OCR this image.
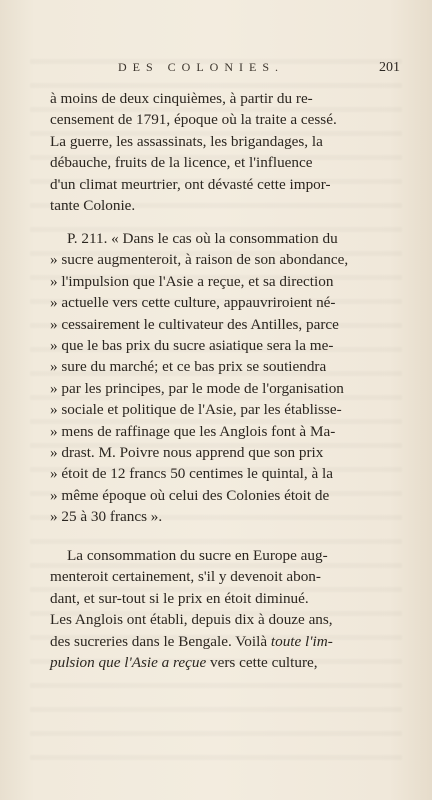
DES COLONIES.	201
à moins de deux cinquièmes, à partir du re-
censement de 1791, époque où la traite a cessé.
La guerre, les assassinats, les brigandages, la
débauche, fruits de la licence, et l'influence
d'un climat meurtrier, ont dévasté cette impor-
tante Colonie.
P. 211. « Dans le cas où la consommation du
» sucre augmenteroit, à raison de son abondance,
» l'impulsion que l'Asie a reçue, et sa direction
» actuelle vers cette culture, appauvriroient né-
» cessairement le cultivateur des Antilles, parce
» que le bas prix du sucre asiatique sera la me-
» sure du marché; et ce bas prix se soutiendra
» par les principes, par le mode de l'organisation
» sociale et politique de l'Asie, par les établisse-
» mens de raffinage que les Anglois font à Ma-
» drast. M. Poivre nous apprend que son prix
» étoit de 12 francs 50 centimes le quintal, à la
» même époque où celui des Colonies étoit de
» 25 à 30 francs ».
La consommation du sucre en Europe aug-
menteroit certainement, s'il y devenoit abon-
dant, et sur-tout si le prix en étoit diminué.
Les Anglois ont établi, depuis dix à douze ans,
des sucreries dans le Bengale. Voilà toute l'im-
pulsion que l'Asie a reçue vers cette culture,
